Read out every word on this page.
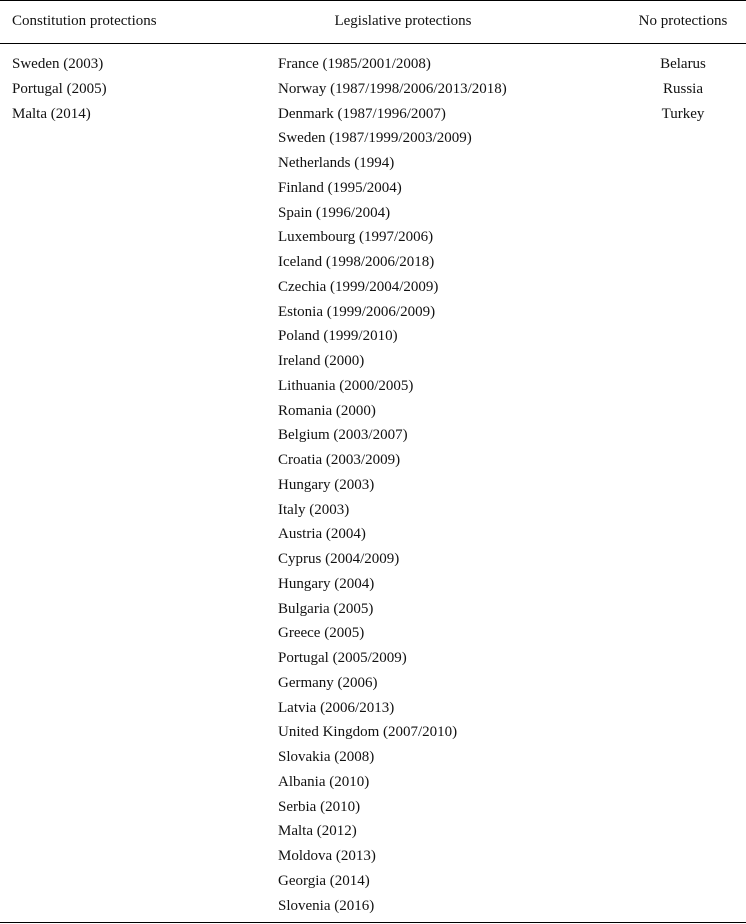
Constitution protections	Legislative protections	No protections
Sweden (2003)
Portugal (2005)
Malta (2014)
France (1985/2001/2008)
Norway (1987/1998/2006/2013/2018)
Denmark (1987/1996/2007)
Sweden (1987/1999/2003/2009)
Netherlands (1994)
Finland (1995/2004)
Spain (1996/2004)
Luxembourg (1997/2006)
Iceland (1998/2006/2018)
Czechia (1999/2004/2009)
Estonia (1999/2006/2009)
Poland (1999/2010)
Ireland (2000)
Lithuania (2000/2005)
Romania (2000)
Belgium (2003/2007)
Croatia (2003/2009)
Hungary (2003)
Italy (2003)
Austria (2004)
Cyprus (2004/2009)
Hungary (2004)
Bulgaria (2005)
Greece (2005)
Portugal (2005/2009)
Germany (2006)
Latvia (2006/2013)
United Kingdom (2007/2010)
Slovakia (2008)
Albania (2010)
Serbia (2010)
Malta (2012)
Moldova (2013)
Georgia (2014)
Slovenia (2016)
Belarus
Russia
Turkey
